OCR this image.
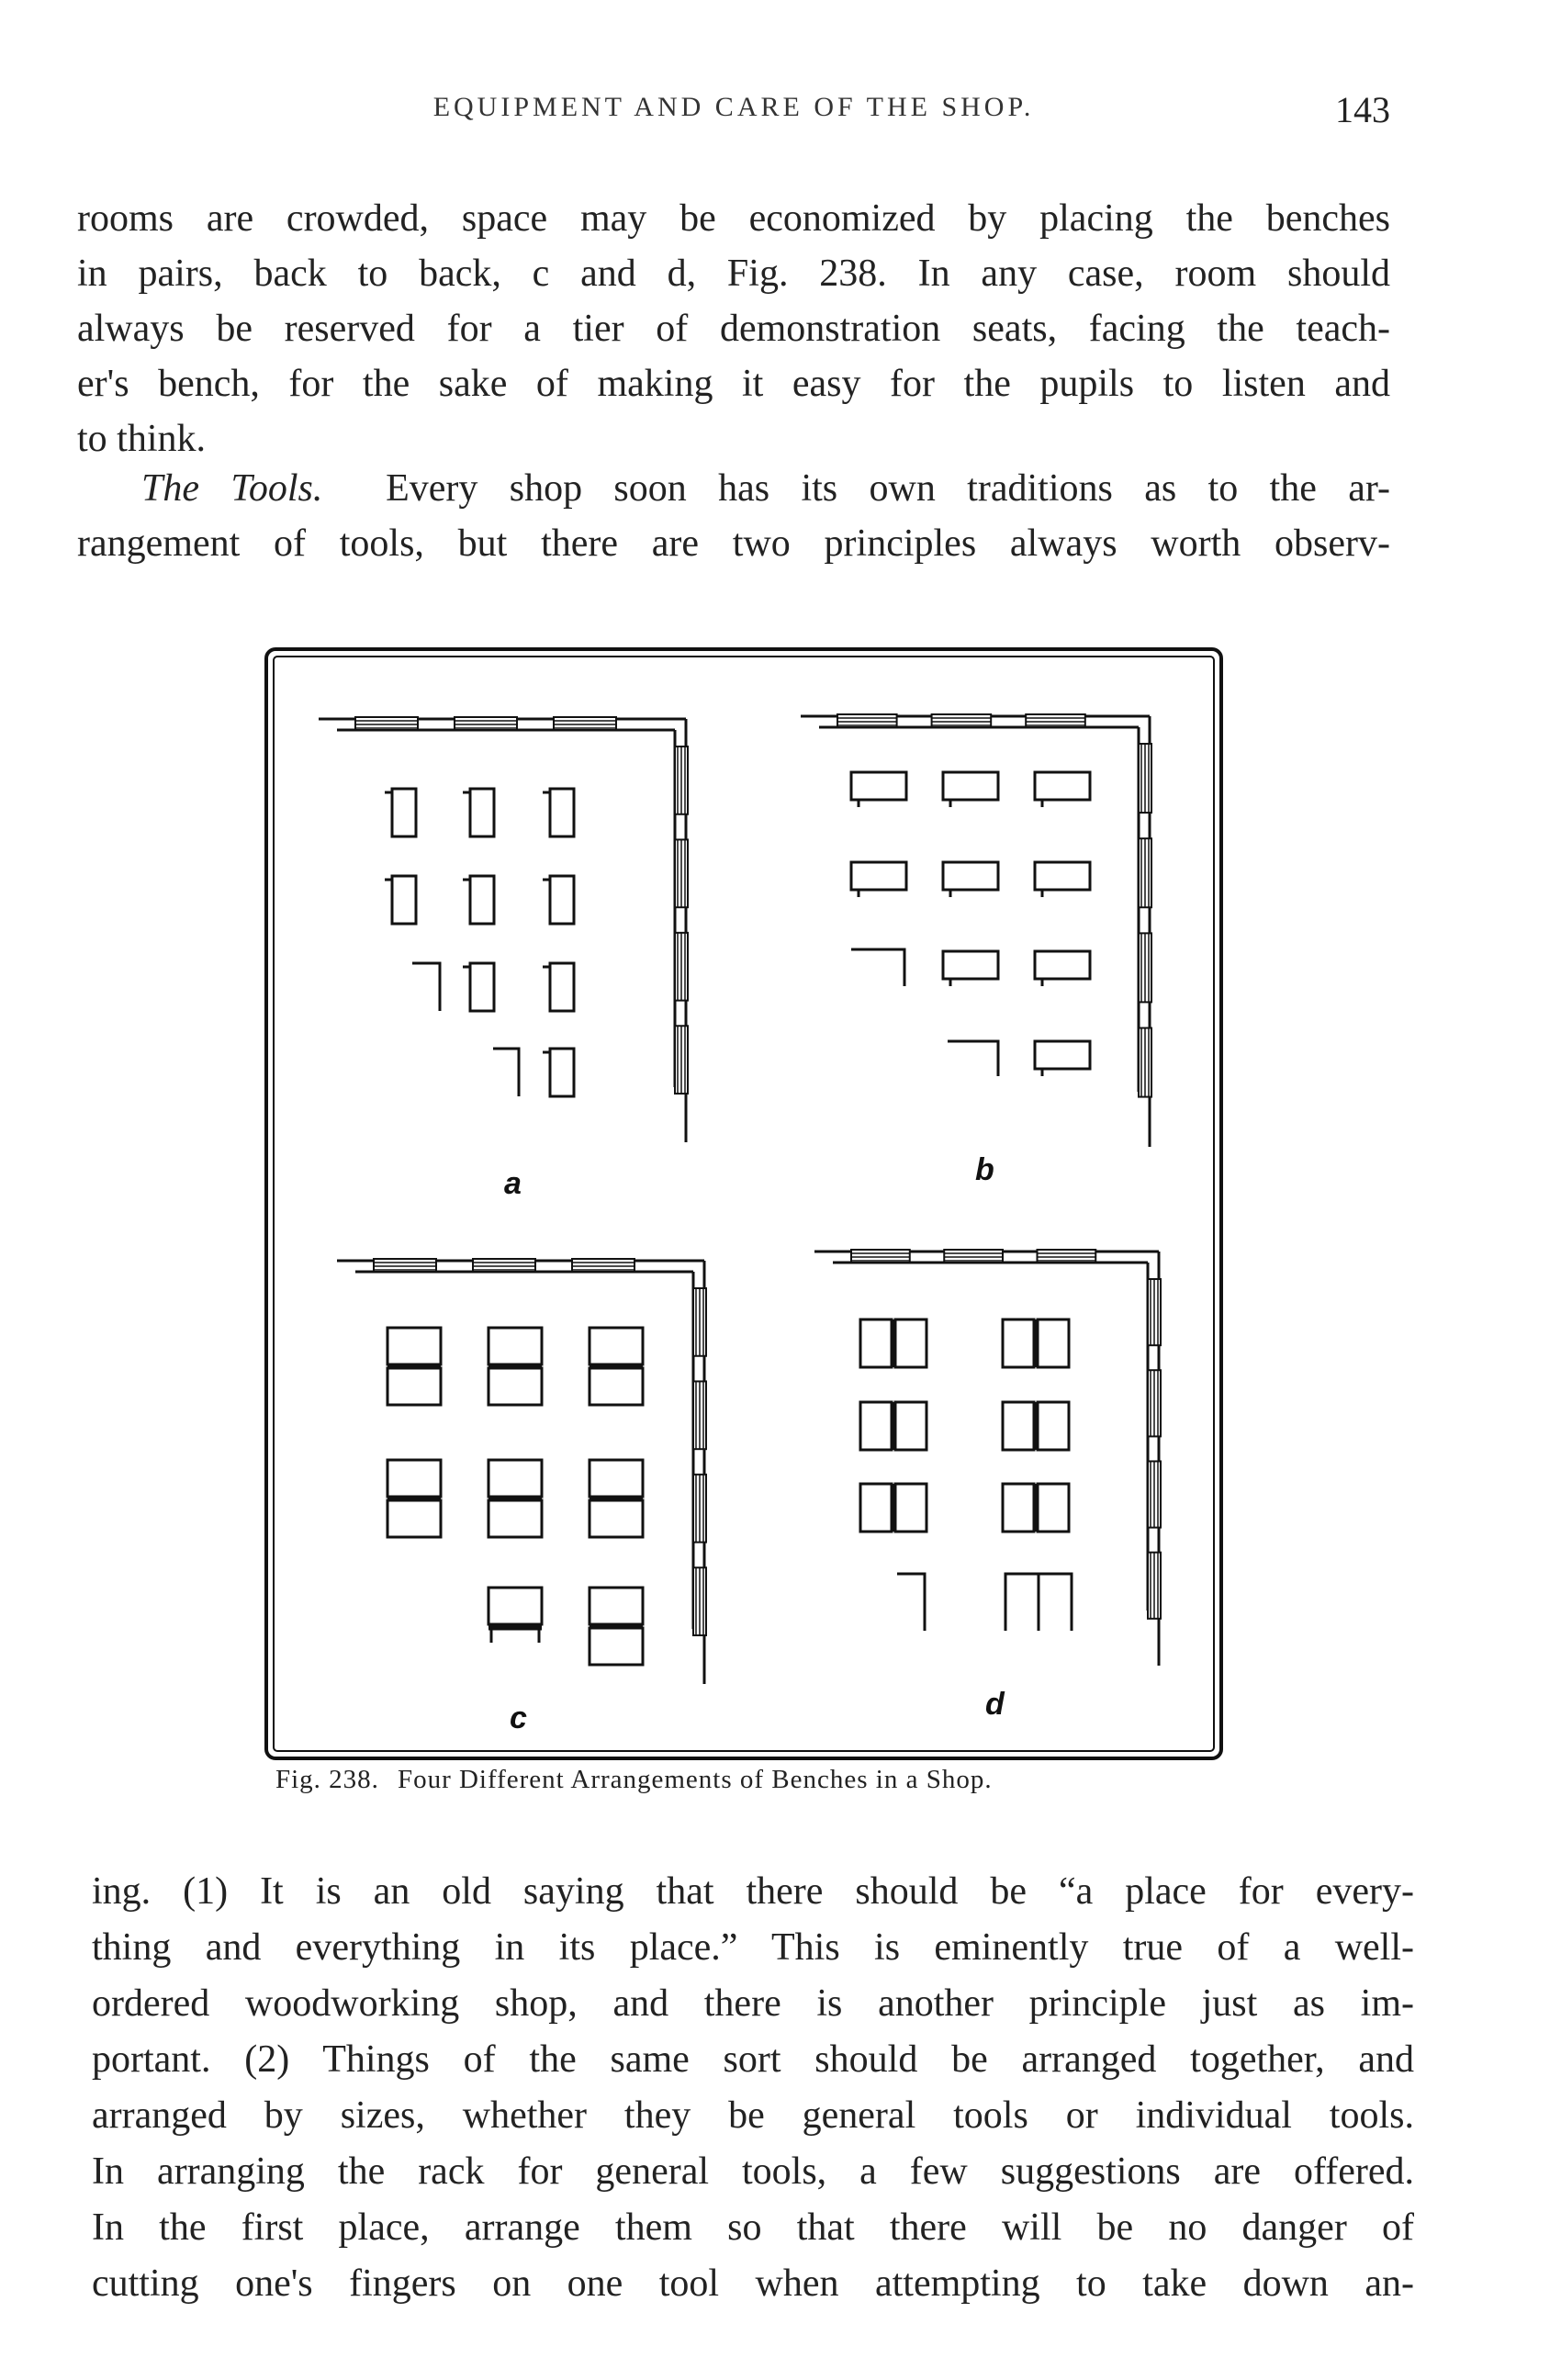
EQUIPMENT AND CARE OF THE SHOP.	143
rooms are crowded, space may be economized by placing the benches
in pairs, back to back, c and d, Fig. 238. In any case, room should
always be reserved for a tier of demonstration seats, facing the teach-
er's bench, for the sake of making it easy for the pupils to listen and
to think.
The Tools. Every shop soon has its own traditions as to the ar-
rangement of tools, but there are two principles always worth observ-
a	b
c	d
Fig. 238. Four Different Arrangements of Benches in a Shop.
ing. (1) It is an old saying that there should be “a place for every-
thing and everything in its place.” This is eminently true of a well-
ordered woodworking shop, and there is another principle just as im-
portant. (2) Things of the same sort should be arranged together, and
arranged by sizes, whether they be general tools or individual tools.
In arranging the rack for general tools, a few suggestions are offered.
In the first place, arrange them so that there will be no danger of
cutting one's fingers on one tool when attempting to take down an-
